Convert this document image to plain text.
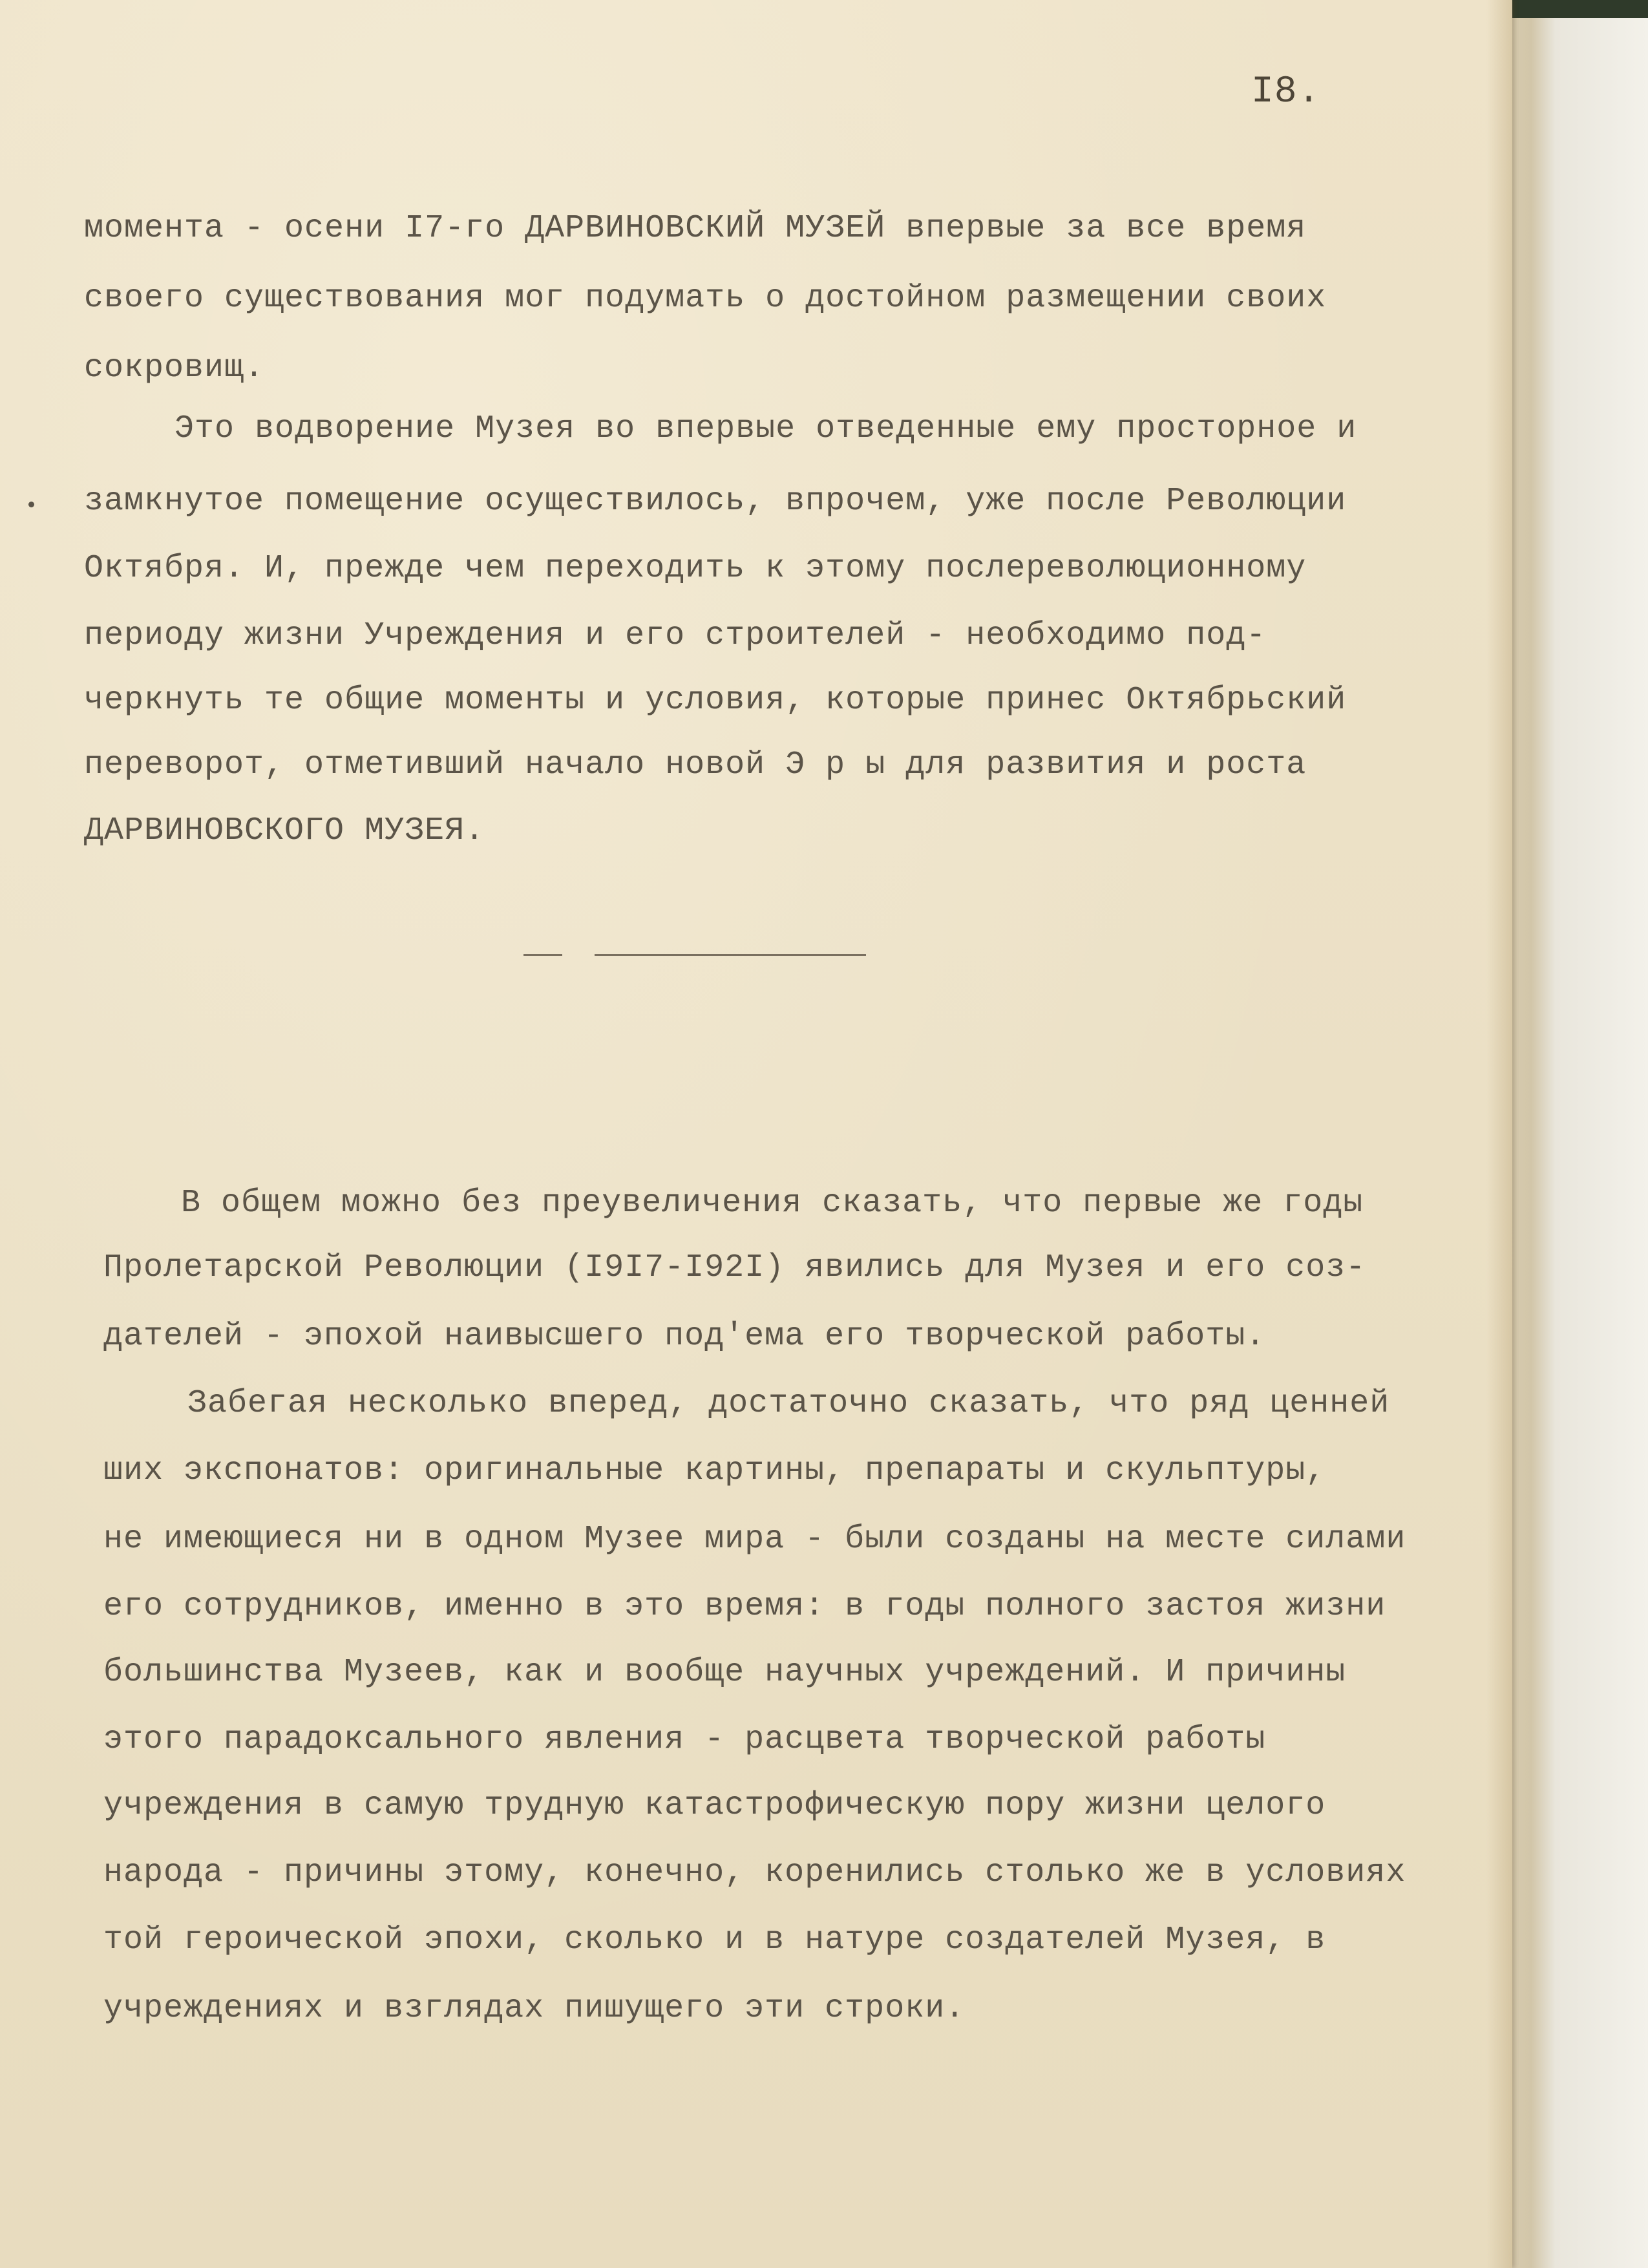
I8.

момента - осени I7-го ДАРВИНОВСКИЙ МУЗЕЙ впервые за все время

своего существования мог подумать о достойном размещении своих

сокровищ.

Это водворение Музея во впервые отведенные ему просторное и

замкнутое помещение осуществилось, впрочем, уже после Революции

Октября. И, прежде чем переходить к этому послереволюционному

периоду жизни Учреждения и его строителей - необходимо под-

черкнуть те общие моменты и условия, которые принес Октябрьский

переворот, отметивший начало новой Э р ы для развития и роста

ДАРВИНОВСКОГО МУЗЕЯ.

В общем можно без преувеличения сказать, что первые же годы

Пролетарской Революции (I9I7-I92I) явились для Музея и его соз-

дателей - эпохой наивысшего под'ема его творческой работы.

Забегая несколько вперед, достаточно сказать, что ряд ценней

ших экспонатов: оригинальные картины, препараты и скульптуры,

не имеющиеся ни в одном Музее мира - были созданы на месте силами

его сотрудников, именно в это время: в годы полного застоя жизни

большинства Музеев, как и вообще научных учреждений. И причины

этого парадоксального явления - расцвета творческой работы

учреждения в самую трудную катастрофическую пору жизни целого

народа - причины этому, конечно, коренились столько же в условиях

той героической эпохи, сколько и в натуре создателей Музея, в

учреждениях и взглядах пишущего эти строки.
